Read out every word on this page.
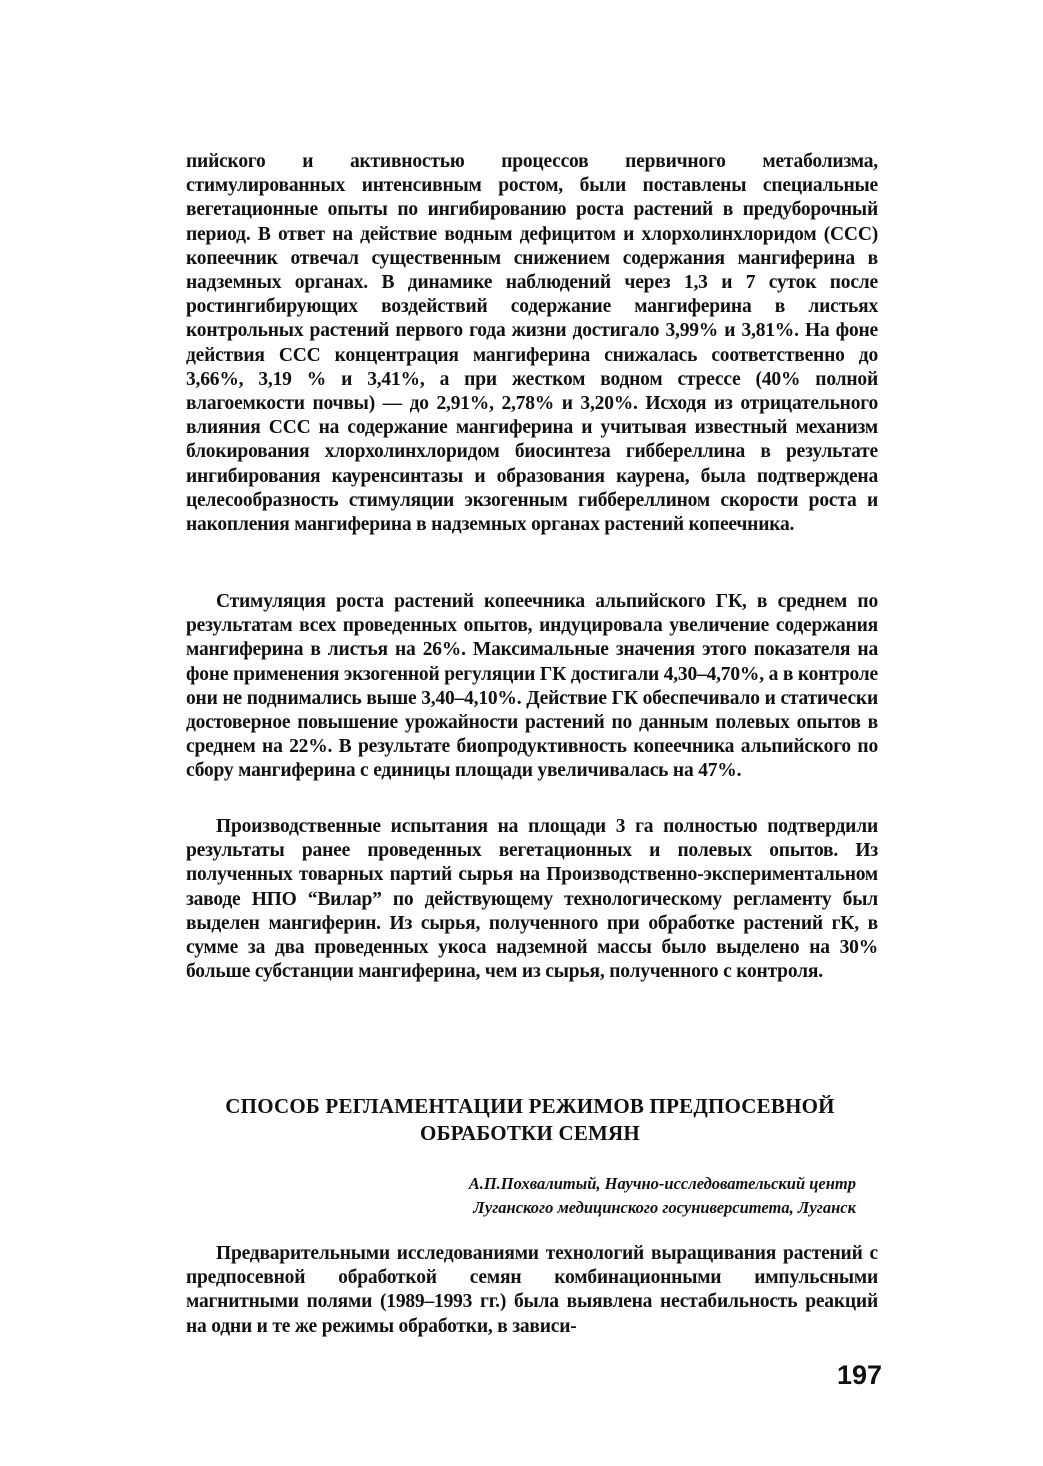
пийского и активностью процессов первичного метаболизма, стимулированных интенсивным ростом, были поставлены специальные вегетационные опыты по ингибированию роста растений в предуборочный период. В ответ на действие водным дефицитом и хлорхолинхлоридом (ССС) копеечник отвечал существенным снижением содержания мангиферина в надземных органах. В динамике наблюдений через 1,3 и 7 суток после ростингибирующих воздействий содержание мангиферина в листьях контрольных растений первого года жизни достигало 3,99% и 3,81%. На фоне действия ССС концентрация мангиферина снижалась соответственно до 3,66%, 3,19 % и 3,41%, а при жестком водном стрессе (40% полной влагоемкости почвы) — до 2,91%, 2,78% и 3,20%. Исходя из отрицательного влияния ССС на содержание мангиферина и учитывая известный механизм блокирования хлорхолинхлоридом биосинтеза гиббереллина в результате ингибирования кауренсинтазы и образования каурена, была подтверждена целесообразность стимуляции экзогенным гиббереллином скорости роста и накопления мангиферина в надземных органах растений копеечника.

Стимуляция роста растений копеечника альпийского ГК, в среднем по результатам всех проведенных опытов, индуцировала увеличение содержания мангиферина в листья на 26%. Максимальные значения этого показателя на фоне применения экзогенной регуляции ГК достигали 4,30–4,70%, а в контроле они не поднимались выше 3,40–4,10%. Действие ГК обеспечивало и статически достоверное повышение урожайности растений по данным полевых опытов в среднем на 22%. В результате биопродуктивность копеечника альпийского по сбору мангиферина с единицы площади увеличивалась на 47%.

Производственные испытания на площади 3 га полностью подтвердили результаты ранее проведенных вегетационных и полевых опытов. Из полученных товарных партий сырья на Производственно-экспериментальном заводе НПО “Вилар” по действующему технологическому регламенту был выделен мангиферин. Из сырья, полученного при обработке растений гК, в сумме за два проведенных укоса надземной массы было выделено на 30% больше субстанции мангиферина, чем из сырья, полученного с контроля.

СПОСОБ РЕГЛАМЕНТАЦИИ РЕЖИМОВ ПРЕДПОСЕВНОЙ
ОБРАБОТКИ СЕМЯН
А.П.Похвалитый, Научно-исследовательский центр
Луганского медицинского госуниверситета, Луганск

Предварительными исследованиями технологий выращивания растений с предпосевной обработкой семян комбинационными импульсными магнитными полями (1989–1993 гг.) была выявлена нестабильность реакций на одни и те же режимы обработки, в зависи-

197
